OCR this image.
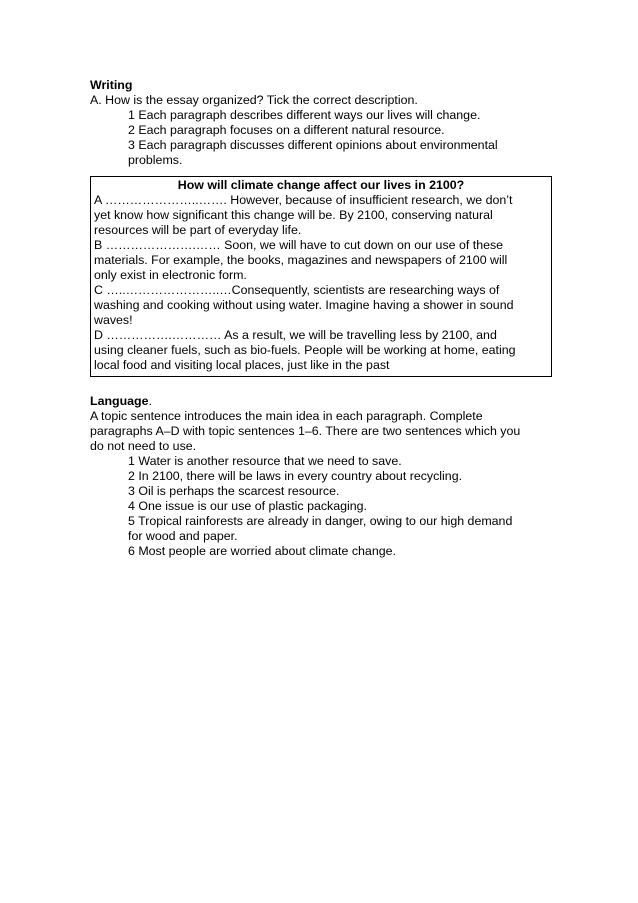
Writing
A. How is the essay organized? Tick the correct description.
1 Each paragraph describes different ways our lives will change.
2 Each paragraph focuses on a different natural resource.
3 Each paragraph discusses different opinions about environmental
problems.
How will climate change affect our lives in 2100?
A …………………..……. However, because of insufficient research, we don’t
yet know how significant this change will be. By 2100, conserving natural
resources will be part of everyday life.
B ………………….…… Soon, we will have to cut down on our use of these
materials. For example, the books, magazines and newspapers of 2100 will
only exist in electronic form.
C …..…………………..…Consequently, scientists are researching ways of
washing and cooking without using water. Imagine having a shower in sound
waves!
D …………….………… As a result, we will be travelling less by 2100, and
using cleaner fuels, such as bio-fuels. People will be working at home, eating
local food and visiting local places, just like in the past
Language.
A topic sentence introduces the main idea in each paragraph. Complete
paragraphs A–D with topic sentences 1–6. There are two sentences which you
do not need to use.
1 Water is another resource that we need to save.
2 In 2100, there will be laws in every country about recycling.
3 Oil is perhaps the scarcest resource.
4 One issue is our use of plastic packaging.
5 Tropical rainforests are already in danger, owing to our high demand
for wood and paper.
6 Most people are worried about climate change.
